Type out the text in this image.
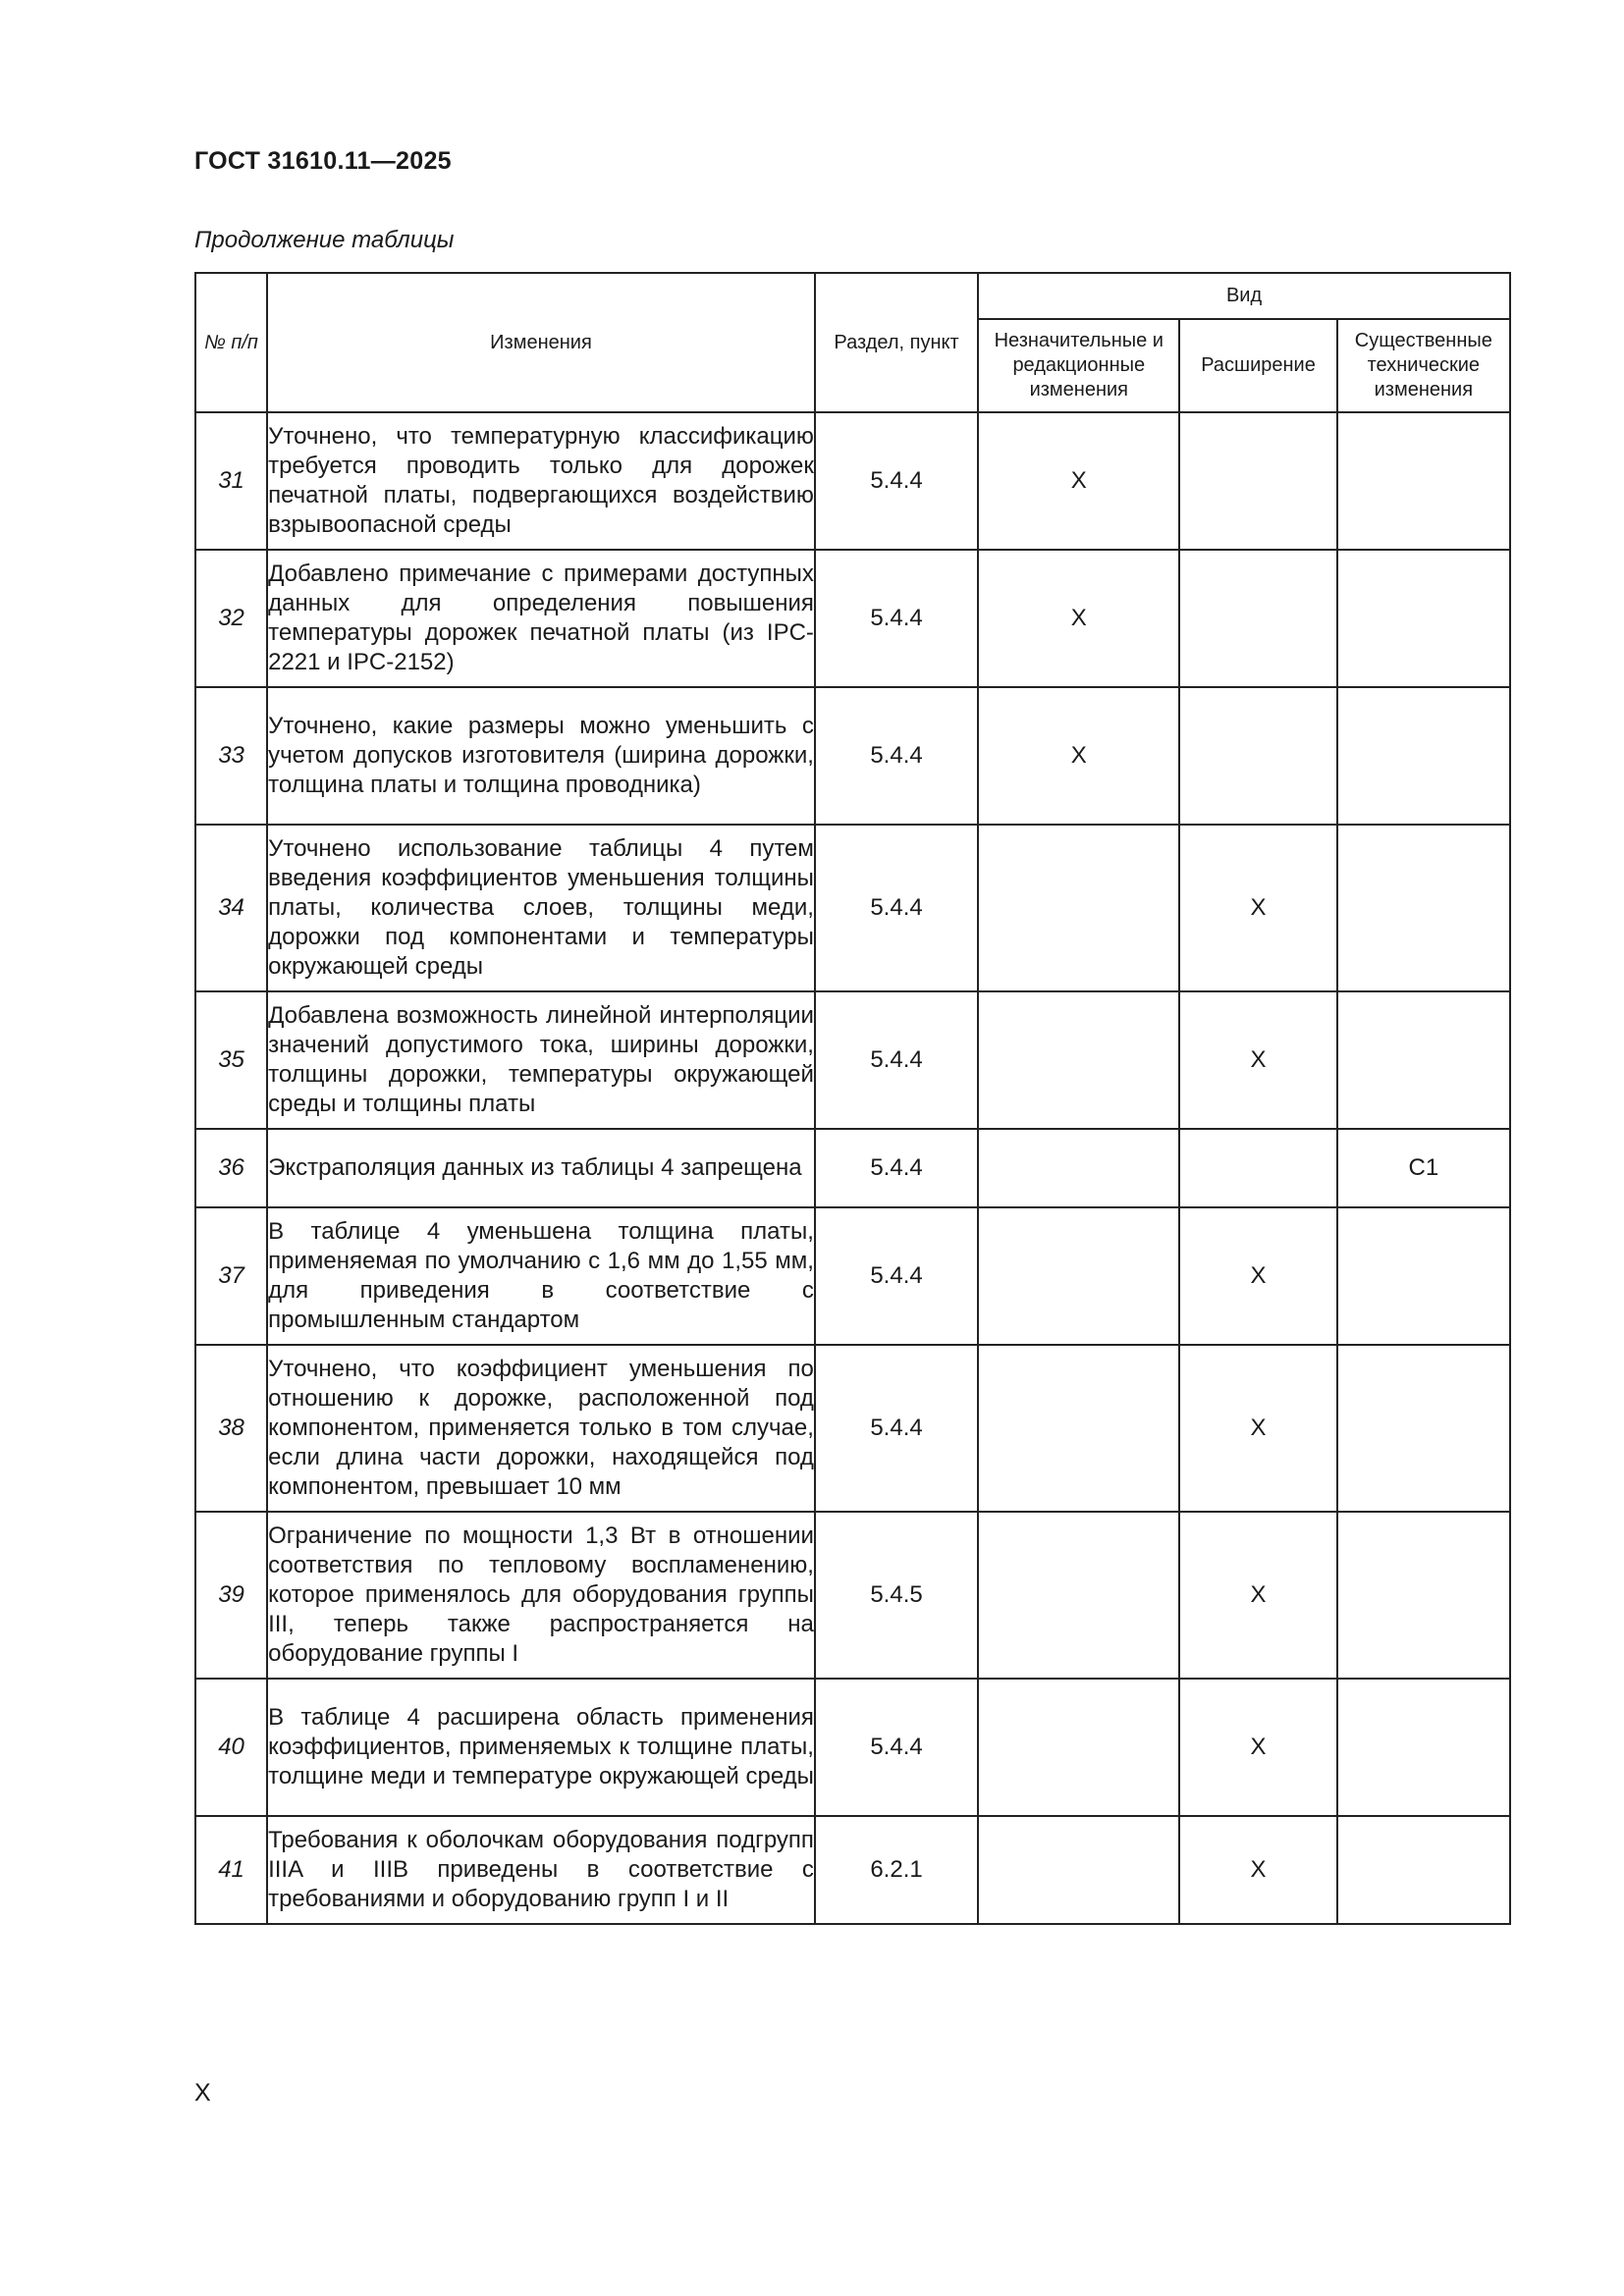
ГОСТ 31610.11—2025
Продолжение таблицы
№ п/п	Изменения	Раздел, пункт	Вид		
			Незначительные и редакционные изменения	Расширение	Существенные технические изменения
31	Уточнено, что температурную классификацию требуется проводить только для дорожек печатной платы, подвергающихся воздействию взрывоопасной среды	5.4.4	X		
32	Добавлено примечание с примерами доступных данных для определения повышения температуры дорожек печатной платы (из IPC-2221 и IPC-2152)	5.4.4	X		
33	Уточнено, какие размеры можно уменьшить с учетом допусков изготовителя (ширина дорожки, толщина платы и толщина проводника)	5.4.4	X		
34	Уточнено использование таблицы 4 путем введения коэффициентов уменьшения толщины платы, количества слоев, толщины меди, дорожки под компонентами и температуры окружающей среды	5.4.4		X	
35	Добавлена возможность линейной интерполяции значений допустимого тока, ширины дорожки, толщины дорожки, температуры окружающей среды и толщины платы	5.4.4		X	
36	Экстраполяция данных из таблицы 4 запрещена	5.4.4			C1
37	В таблице 4 уменьшена толщина платы, применяемая по умолчанию с 1,6 мм до 1,55 мм, для приведения в соответствие с промышленным стандартом	5.4.4		X	
38	Уточнено, что коэффициент уменьшения по отношению к дорожке, расположенной под компонентом, применяется только в том случае, если длина части дорожки, находящейся под компонентом, превышает 10 мм	5.4.4		X	
39	Ограничение по мощности 1,3 Вт в отношении соответствия по тепловому воспламенению, которое применялось для оборудования группы III, теперь также распространяется на оборудование группы I	5.4.5		X	
40	В таблице 4 расширена область применения коэффициентов, применяемых к толщине платы, толщине меди и температуре окружающей среды	5.4.4		X	
41	Требования к оболочкам оборудования подгрупп IIIA и IIIB приведены в соответствие с требованиями и оборудованию групп I и II	6.2.1		X	
X
